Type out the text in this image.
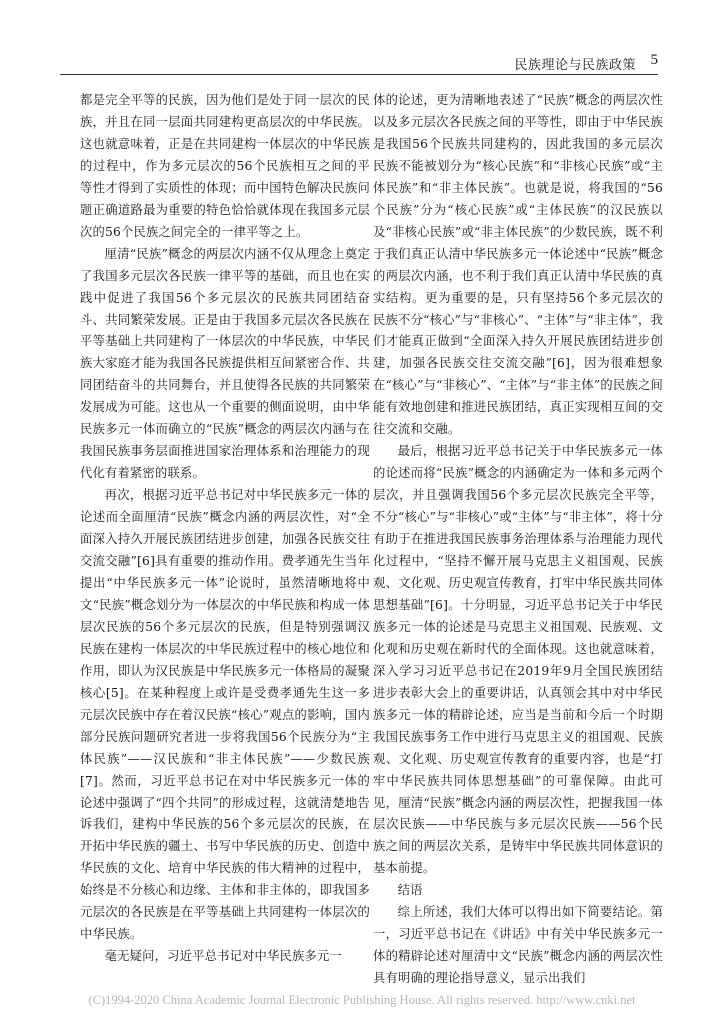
民族理论与民族政策 5

都是完全平等的民族，因为他们是处于同一层次的民族，并且在同一层面共同建构更高层次的中华民族。这也就意味着，正是在共同建构一体层次的中华民族的过程中，作为多元层次的56个民族相互之间的平等性才得到了实质性的体现；而中国特色解决民族问题正确道路最为重要的特色恰恰就体现在我国多元层次的56个民族之间完全的一律平等之上。

厘清“民族”概念的两层次内涵不仅从理念上奠定了我国多元层次各民族一律平等的基础，而且也在实践中促进了我国56个多元层次的民族共同团结奋斗、共同繁荣发展。正是由于我国多元层次各民族在平等基础上共同建构了一体层次的中华民族，中华民族大家庭才能为我国各民族提供相互间紧密合作、共同团结奋斗的共同舞台，并且使得各民族的共同繁荣发展成为可能。这也从一个重要的侧面说明，由中华民族多元一体而确立的“民族”概念的两层次内涵与在我国民族事务层面推进国家治理体系和治理能力的现代化有着紧密的联系。

再次，根据习近平总书记对中华民族多元一体的论述而全面厘清“民族”概念内涵的两层次性，对“全面深入持久开展民族团结进步创建，加强各民族交往交流交融”[6]具有重要的推动作用。费孝通先生当年提出“中华民族多元一体”论说时，虽然清晰地将中文“民族”概念划分为一体层次的中华民族和构成一体层次民族的56个多元层次的民族，但是特别强调汉民族在建构一体层次的中华民族过程中的核心地位和作用，即认为汉民族是中华民族多元一体格局的凝聚核心[5]。在某种程度上或许是受费孝通先生这一多元层次民族中存在着汉民族“核心”观点的影响，国内部分民族问题研究者进一步将我国56个民族分为“主体民族”——汉民族和“非主体民族”——少数民族[7]。然而，习近平总书记在对中华民族多元一体的论述中强调了“四个共同”的形成过程，这就清楚地告诉我们，建构中华民族的56个多元层次的民族，在开拓中华民族的疆土、书写中华民族的历史、创造中华民族的文化、培育中华民族的伟大精神的过程中，始终是不分核心和边缘、主体和非主体的，即我国多元层次的各民族是在平等基础上共同建构一体层次的中华民族。

毫无疑问，习近平总书记对中华民族多元一

体的论述，更为清晰地表述了“民族”概念的两层次性以及多元层次各民族之间的平等性，即由于中华民族是我国56个民族共同建构的，因此我国的多元层次民族不能被划分为“核心民族”和“非核心民族”或“主体民族”和“非主体民族”。也就是说，将我国的“56个民族”分为“核心民族”或“主体民族”的汉民族以及“非核心民族”或“非主体民族”的少数民族，既不利于我们真正认清中华民族多元一体论述中“民族”概念的两层次内涵，也不利于我们真正认清中华民族的真实结构。更为重要的是，只有坚持56个多元层次的民族不分“核心”与“非核心”、“主体”与“非主体”，我们才能真正做到“全面深入持久开展民族团结进步创建，加强各民族交往交流交融”[6]，因为很难想象在“核心”与“非核心”、“主体”与“非主体”的民族之间能有效地创建和推进民族团结，真正实现相互间的交往交流和交融。

最后，根据习近平总书记关于中华民族多元一体的论述而将“民族”概念的内涵确定为一体和多元两个层次，并且强调我国56个多元层次民族完全平等，不分“核心”与“非核心”或“主体”与“非主体”，将十分有助于在推进我国民族事务治理体系与治理能力现代化过程中，“坚持不懈开展马克思主义祖国观、民族观、文化观、历史观宣传教育，打牢中华民族共同体思想基础”[6]。十分明显，习近平总书记关于中华民族多元一体的论述是马克思主义祖国观、民族观、文化观和历史观在新时代的全面体现。这也就意味着，深入学习习近平总书记在2019年9月全国民族团结进步表彰大会上的重要讲话，认真领会其中对中华民族多元一体的精辟论述，应当是当前和今后一个时期我国民族事务工作中进行马克思主义的祖国观、民族观、文化观、历史观宣传教育的重要内容，也是“打牢中华民族共同体思想基础”的可靠保障。由此可见，厘清“民族”概念内涵的两层次性，把握我国一体层次民族——中华民族与多元层次民族——56个民族之间的两层次关系，是铸牢中华民族共同体意识的基本前提。

结语

综上所述，我们大体可以得出如下简要结论。第一，习近平总书记在《讲话》中有关中华民族多元一体的精辟论述对厘清中文“民族”概念内涵的两层次性具有明确的理论指导意义，显示出我们

(C)1994-2020 China Academic Journal Electronic Publishing House. All rights reserved. http://www.cnki.net
